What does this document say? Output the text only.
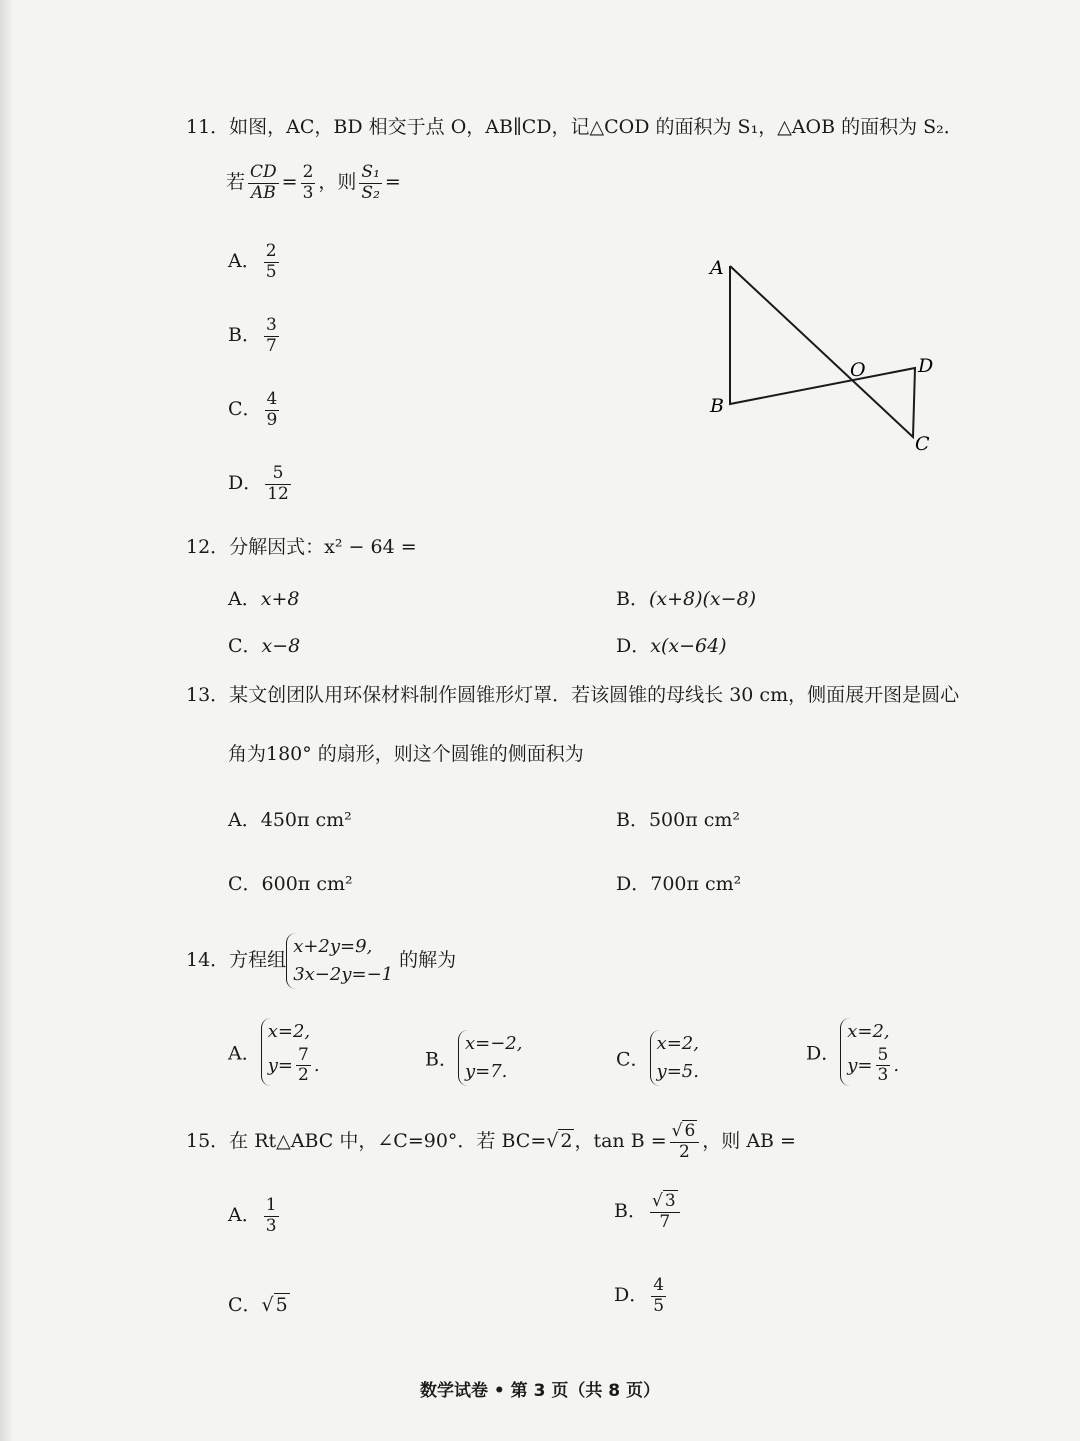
11．如图，AC，BD 相交于点 O，AB∥CD，记△COD 的面积为 S₁，△AOB 的面积为 S₂．
若 $\frac{CD}{AB} = \frac{2}{3}$ ，则 $\frac{\text{S₁}}{\text{S₂}}$ =
A． $\frac{2}{5}$
B． $\frac{3}{7}$
C． $\frac{4}{9}$
D． $\frac{5}{12}$
A
B
C
D
O
12．分解因式：x² − 64 =
A．x+8	B．(x+8)(x−8)
C．x−8	D．x(x−64)
13．某文创团队用环保材料制作圆锥形灯罩．若该圆锥的母线长 30 cm，侧面展开图是圆心
角为180° 的扇形，则这个圆锥的侧面积为
A．450π cm²	B．500π cm²
C．600π cm²	D．700π cm²
14．方程组x+2y=9,
3x−2y=−1 的解为
A．x=2,
$y= \frac{7}{2}$ .	B．x=−2,
y=7.
C．x=2,
y=5.
D．x=2,
$y= \frac{5}{3}$ .
15．在 Rt△ABC 中，∠C=90°．若 BC=√ 2 ，$\tan B = \frac{√ 6}{2}$ ，则 AB =
A． $\frac{1}{3}$	B． $\frac{√ 3}{7}$
C．√ 5	D． $\frac{4}{5}$
数学试卷 • 第 3 页（共 8 页）
